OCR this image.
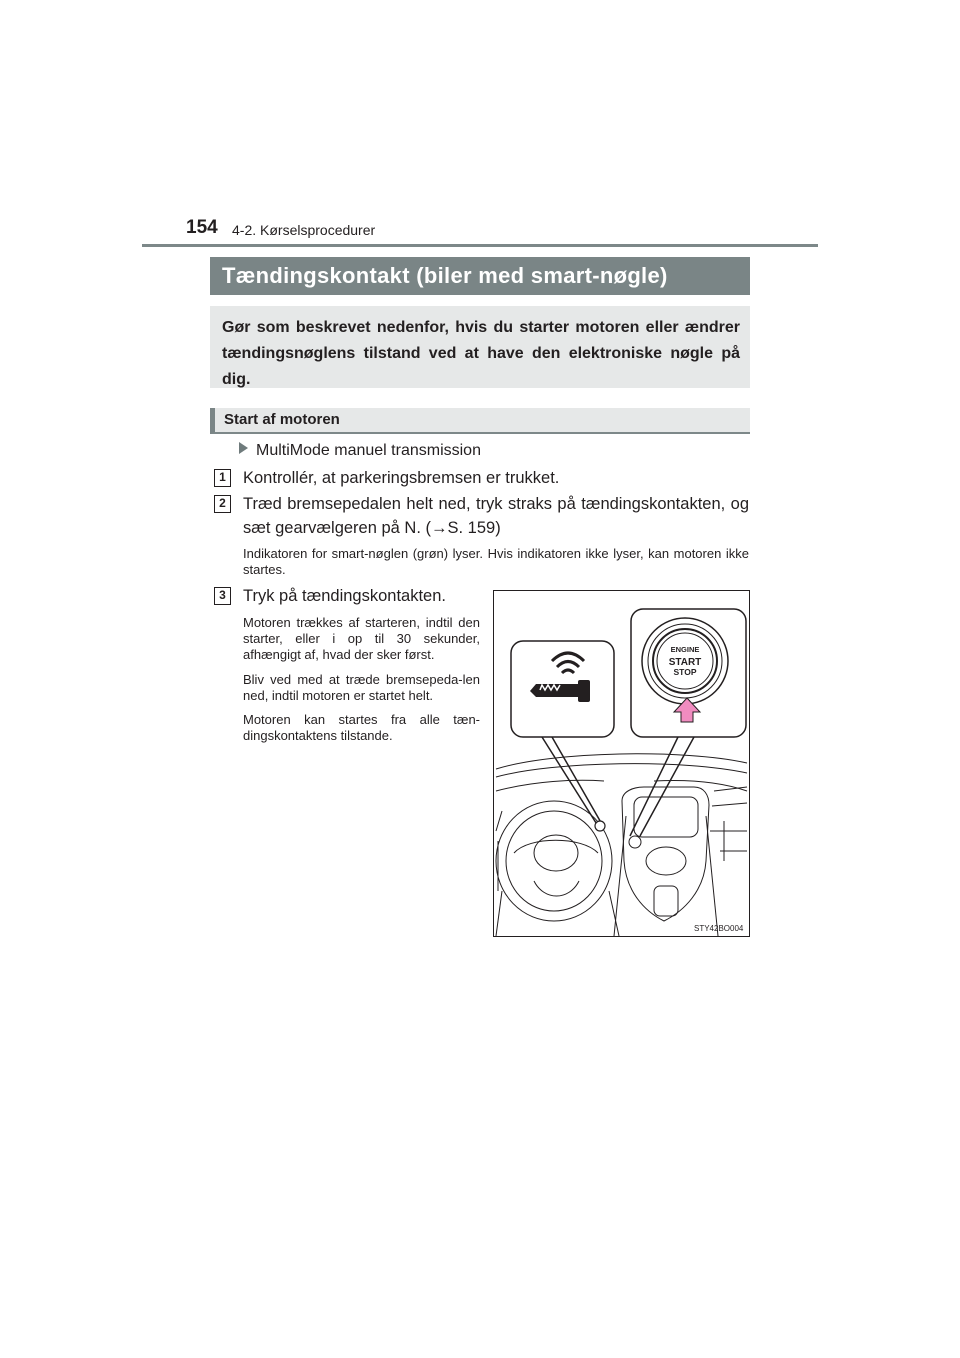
154 4-2. Kørselsprocedurer
Tændingskontakt (biler med smart-nøgle)
Gør som beskrevet nedenfor, hvis du starter motoren eller ændrer tændingsnøglens tilstand ved at have den elektroniske nøgle på dig.
Start af motoren
MultiMode manuel transmission
1	Kontrollér, at parkeringsbremsen er trukket.
2	Træd bremsepedalen helt ned, tryk straks på tændingskontakten, og sæt gearvælgeren på N. (→S. 159)
Indikatoren for smart-nøglen (grøn) lyser. Hvis indikatoren ikke lyser, kan motoren ikke startes.
3	Tryk på tændingskontakten.
Motoren trækkes af starteren, indtil den starter, eller i op til 30 sekunder, afhængigt af, hvad der sker først.
Bliv ved med at træde bremsepeda-len ned, indtil motoren er startet helt.
Motoren kan startes fra alle tæn-dingskontaktens tilstande.
ENGINE
START
STOP
STY42BO004
